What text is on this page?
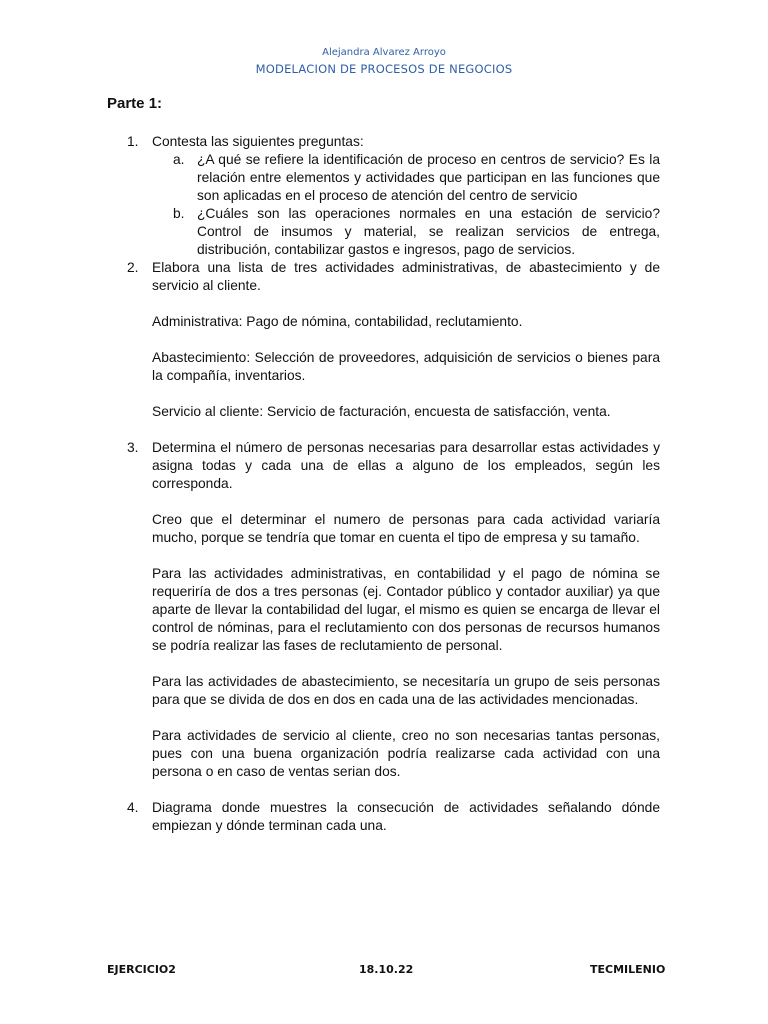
Alejandra Alvarez Arroyo
MODELACION DE PROCESOS DE NEGOCIOS
Parte 1:
1. Contesta las siguientes preguntas:

a. ¿A qué se refiere la identificación de proceso en centros de servicio? Es la relación entre elementos y actividades que participan en las funciones que son aplicadas en el proceso de atención del centro de servicio

b. ¿Cuáles son las operaciones normales en una estación de servicio? Control de insumos y material, se realizan servicios de entrega, distribución, contabilizar gastos e ingresos, pago de servicios.

2. Elabora una lista de tres actividades administrativas, de abastecimiento y de servicio al cliente.

Administrativa: Pago de nómina, contabilidad, reclutamiento.

Abastecimiento: Selección de proveedores, adquisición de servicios o bienes para la compañía, inventarios.

Servicio al cliente: Servicio de facturación, encuesta de satisfacción, venta.

3. Determina el número de personas necesarias para desarrollar estas actividades y asigna todas y cada una de ellas a alguno de los empleados, según les corresponda.

Creo que el determinar el numero de personas para cada actividad variaría mucho, porque se tendría que tomar en cuenta el tipo de empresa y su tamaño.

Para las actividades administrativas, en contabilidad y el pago de nómina se requeriría de dos a tres personas (ej. Contador público y contador auxiliar) ya que aparte de llevar la contabilidad del lugar, el mismo es quien se encarga de llevar el control de nóminas, para el reclutamiento con dos personas de recursos humanos se podría realizar las fases de reclutamiento de personal.

Para las actividades de abastecimiento, se necesitaría un grupo de seis personas para que se divida de dos en dos en cada una de las actividades mencionadas.

Para actividades de servicio al cliente, creo no son necesarias tantas personas, pues con una buena organización podría realizarse cada actividad con una persona o en caso de ventas serian dos.

4. Diagrama donde muestres la consecución de actividades señalando dónde empiezan y dónde terminan cada una.

EJERCICIO2	18.10.22	TECMILENIO
